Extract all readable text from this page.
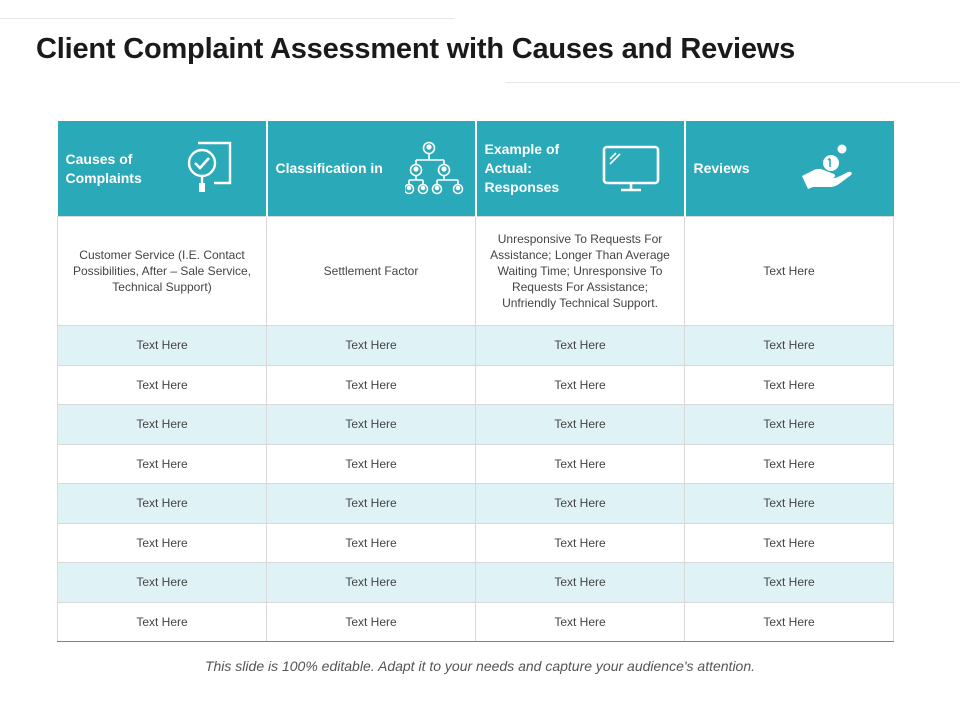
Client Complaint Assessment with Causes and Reviews
Causes of Complaints	Classification in	Example of Actual: Responses	Reviews

Customer Service (I.E. Contact Possibilities, After – Sale Service, Technical Support)	Settlement Factor	Unresponsive To Requests For Assistance; Longer Than Average Waiting Time; Unresponsive To Requests For Assistance; Unfriendly Technical Support.	Text Here
Text Here	Text Here	Text Here	Text Here
Text Here	Text Here	Text Here	Text Here
Text Here	Text Here	Text Here	Text Here
Text Here	Text Here	Text Here	Text Here
Text Here	Text Here	Text Here	Text Here
Text Here	Text Here	Text Here	Text Here
Text Here	Text Here	Text Here	Text Here
Text Here	Text Here	Text Here	Text Here
This slide is 100% editable. Adapt it to your needs and capture your audience's attention.
